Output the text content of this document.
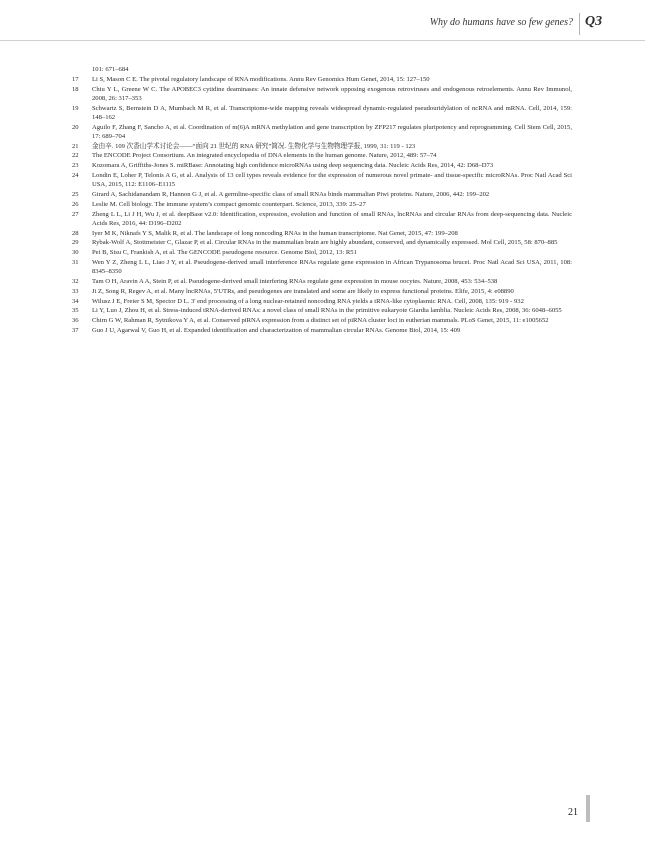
Why do humans have so few genes? Q3
101: 671–684
17	Li S, Mason C E. The pivotal regulatory landscape of RNA modifications. Annu Rev Genomics Hum Genet, 2014, 15: 127–150
18	Chiu Y L, Greene W C. The APOBEC3 cytidine deaminases: An innate defensive network opposing exogenous retroviruses and endogenous retroelements. Annu Rev Immunol, 2008, 26: 317–353
19	Schwartz S, Bernstein D A, Mumbach M R, et al. Transcriptome-wide mapping reveals widespread dynamic-regulated pseudouridylation of ncRNA and mRNA. Cell, 2014, 159: 148–162
20	Aguilo F, Zhang F, Sancho A, et al. Coordination of m(6)A mRNA methylation and gene transcription by ZFP217 regulates pluripotency and reprogramming. Cell Stem Cell, 2015, 17: 689–704
21	金由辛. 109 次香山学术讨论会——“面向 21 世纪的 RNA 研究”简况. 生物化学与生物物理学报, 1999, 31: 119 - 123
22	The ENCODE Project Consortium. An integrated encyclopedia of DNA elements in the human genome. Nature, 2012, 489: 57–74
23	Kozomara A, Griffiths-Jones S. miRBase: Annotating high confidence microRNAs using deep sequencing data. Nucleic Acids Res, 2014, 42: D68–D73
24	Londin E, Loher P, Telonis A G, et al. Analysis of 13 cell types reveals evidence for the expression of numerous novel primate- and tissue-specific microRNAs. Proc Natl Acad Sci USA, 2015, 112: E1106–E1115
25	Girard A, Sachidanandam R, Hannon G J, et al. A germline-specific class of small RNAs binds mammalian Piwi proteins. Nature, 2006, 442: 199–202
26	Leslie M. Cell biology. The immune system’s compact genomic counterpart. Science, 2013, 339: 25–27
27	Zheng L L, Li J H, Wu J, et al. deepBase v2.0: Identification, expression, evolution and function of small RNAs, lncRNAs and circular RNAs from deep-sequencing data. Nucleic Acids Res, 2016, 44: D196–D202
28	Iyer M K, Niknafs Y S, Malik R, et al. The landscape of long noncoding RNAs in the human transcriptome. Nat Genet, 2015, 47: 199–208
29	Rybak-Wolf A, Stottmeister C, Glazar P, et al. Circular RNAs in the mammalian brain are highly abundant, conserved, and dynamically expressed. Mol Cell, 2015, 58: 870–885
30	Pei B, Sisu C, Frankish A, et al. The GENCODE pseudogene resource. Genome Biol, 2012, 13: R51
31	Wen Y Z, Zheng L L, Liao J Y, et al. Pseudogene-derived small interference RNAs regulate gene expression in African Trypanosoma brucei. Proc Natl Acad Sci USA, 2011, 108: 8345–8350
32	Tam O H, Aravin A A, Stein P, et al. Pseudogene-derived small interfering RNAs regulate gene expression in mouse oocytes. Nature, 2008, 453: 534–538
33	Ji Z, Song R, Regev A, et al. Many lncRNAs, 5'UTRs, and pseudogenes are translated and some are likely to express functional proteins. Elife, 2015, 4: e08890
34	Wilusz J E, Freier S M, Spector D L. 3' end processing of a long nuclear-retained noncoding RNA yields a tRNA-like cytoplasmic RNA. Cell, 2008, 135: 919 - 932
35	Li Y, Luo J, Zhou H, et al. Stress-induced tRNA-derived RNAs: a novel class of small RNAs in the primitive eukaryote Giardia lamblia. Nucleic Acids Res, 2008, 36: 6048–6055
36	Chirn G W, Rahman R, Sytnikova Y A, et al. Conserved piRNA expression from a distinct set of piRNA cluster loci in eutherian mammals. PLoS Genet, 2015, 11: e1005652
37	Guo J U, Agarwal V, Guo H, et al. Expanded identification and characterization of mammalian circular RNAs. Genome Biol, 2014, 15: 409
21
